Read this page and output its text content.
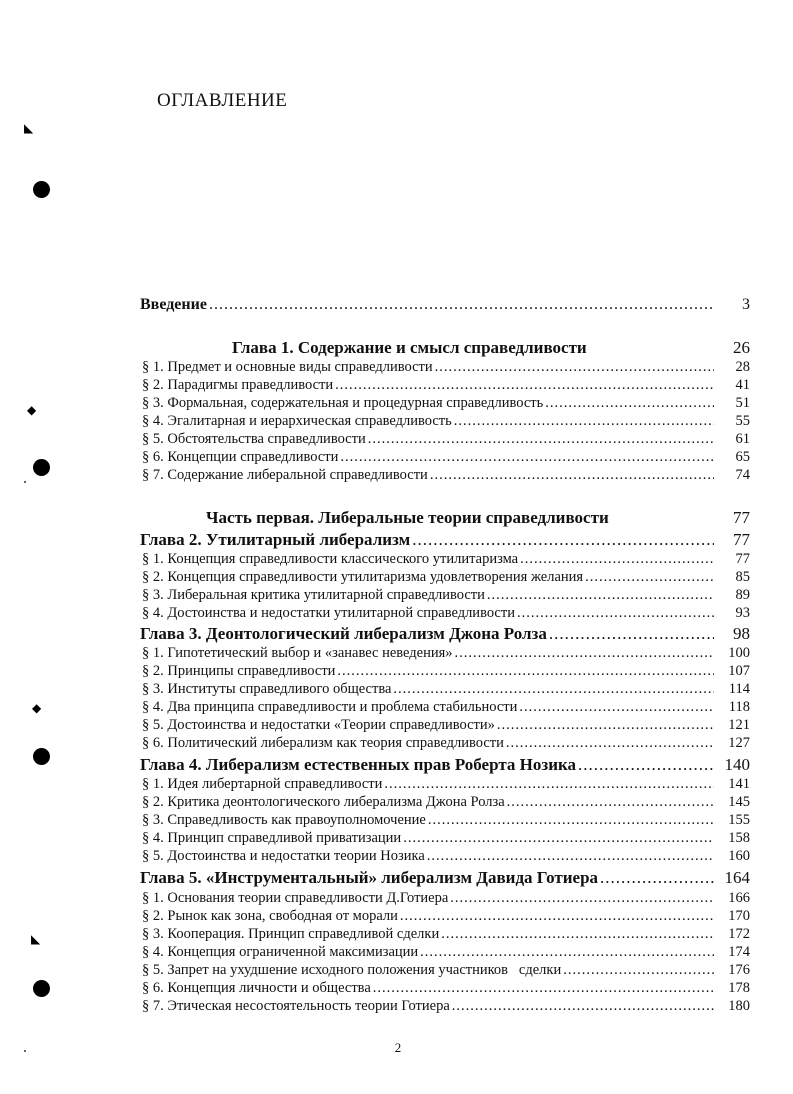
◣
◆
◆
◣
ОГЛАВЛЕНИЕ
Введение .....	3
Глава 1. Содержание и смысл справедливости	26
§ 1. Предмет и основные виды справедливости .....	28
§ 2. Парадигмы праведливости .....	41
§ 3. Формальная, содержательная и процедурная справедливость .....	51
§ 4. Эгалитарная и иерархическая справедливость .....	55
§ 5. Обстоятельства справедливости .....	61
§ 6. Концепции справедливости .....	65
§ 7. Содержание либеральной справедливости .....	74
Часть первая. Либеральные теории справедливости	77
Глава 2. Утилитарный либерализм .....	77
§ 1. Концепция справедливости классического утилитаризма .....	77
§ 2. Концепция справедливости утилитаризма удовлетворения желания .....	85
§ 3. Либеральная критика утилитарной справедливости .....	89
§ 4. Достоинства и недостатки утилитарной справедливости .....	93
Глава 3. Деонтологический либерализм Джона Ролза .....	98
§ 1. Гипотетический выбор и «занавес неведения» .....	100
§ 2. Принципы справедливости .....	107
§ 3. Институты справедливого общества .....	114
§ 4. Два принципа справедливости и проблема стабильности .....	118
§ 5. Достоинства и недостатки «Теории справедливости» .....	121
§ 6. Политический либерализм как теория справедливости .....	127
Глава 4. Либерализм естественных прав Роберта Нозика .....	140
§ 1. Идея либертарной справедливости .....	141
§ 2. Критика деонтологического либерализма Джона Ролза .....	145
§ 3. Справедливость как правоуполномочение .....	155
§ 4. Принцип справедливой приватизации .....	158
§ 5. Достоинства и недостатки теории Нозика .....	160
Глава 5. «Инструментальный» либерализм Давида Готиера .....	164
§ 1. Основания теории справедливости Д.Готиера .....	166
§ 2. Рынок как зона, свободная от морали .....	170
§ 3. Кооперация. Принцип справедливой сделки .....	172
§ 4. Концепция ограниченной максимизации .....	174
§ 5. Запрет на ухудшение исходного положения участников   сделки .....	176
§ 6. Концепция личности и общества .....	178
§ 7. Этическая несостоятельность теории Готиера .....	180
2
